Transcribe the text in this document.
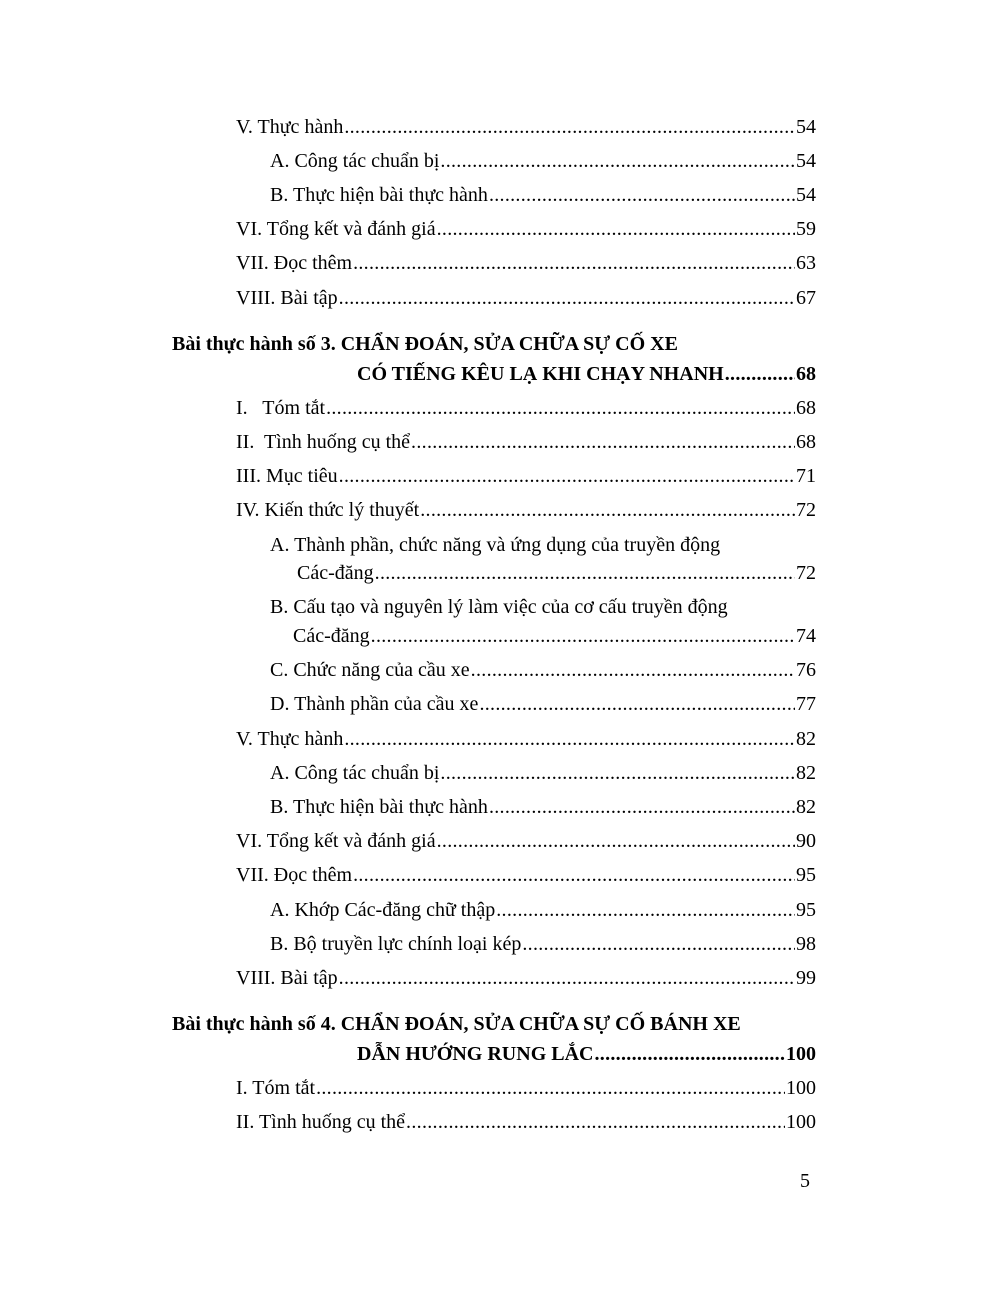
V. Thực hành .....	54
A. Công tác chuẩn bị .....	54
B. Thực hiện bài thực hành .....	54
VI. Tổng kết và đánh giá .....	59
VII. Đọc thêm .....	63
VIII. Bài tập .....	67
Bài thực hành số 3. CHẨN ĐOÁN, SỬA CHỮA SỰ CỐ XE
CÓ TIẾNG KÊU LẠ KHI CHẠY NHANH .....	68
I.   Tóm tắt .....	68
II.  Tình huống cụ thể .....	68
III. Mục tiêu .....	71
IV. Kiến thức lý thuyết .....	72
A. Thành phần, chức năng và ứng dụng của truyền động
Các-đăng .....	72
B. Cấu tạo và nguyên lý làm việc của cơ cấu truyền động
Các-đăng .....	74
C. Chức năng của cầu xe .....	76
D. Thành phần của cầu xe .....	77
V. Thực hành .....	82
A. Công tác chuẩn bị .....	82
B. Thực hiện bài thực hành .....	82
VI. Tổng kết và đánh giá .....	90
VII. Đọc thêm .....	95
A. Khớp Các-đăng chữ thập .....	95
B. Bộ truyền lực chính loại kép .....	98
VIII. Bài tập .....	99
Bài thực hành số 4. CHẨN ĐOÁN, SỬA CHỮA SỰ CỐ BÁNH XE
DẪN HƯỚNG RUNG LẮC .....	100
I. Tóm tắt .....	100
II. Tình huống cụ thể .....	100
5
